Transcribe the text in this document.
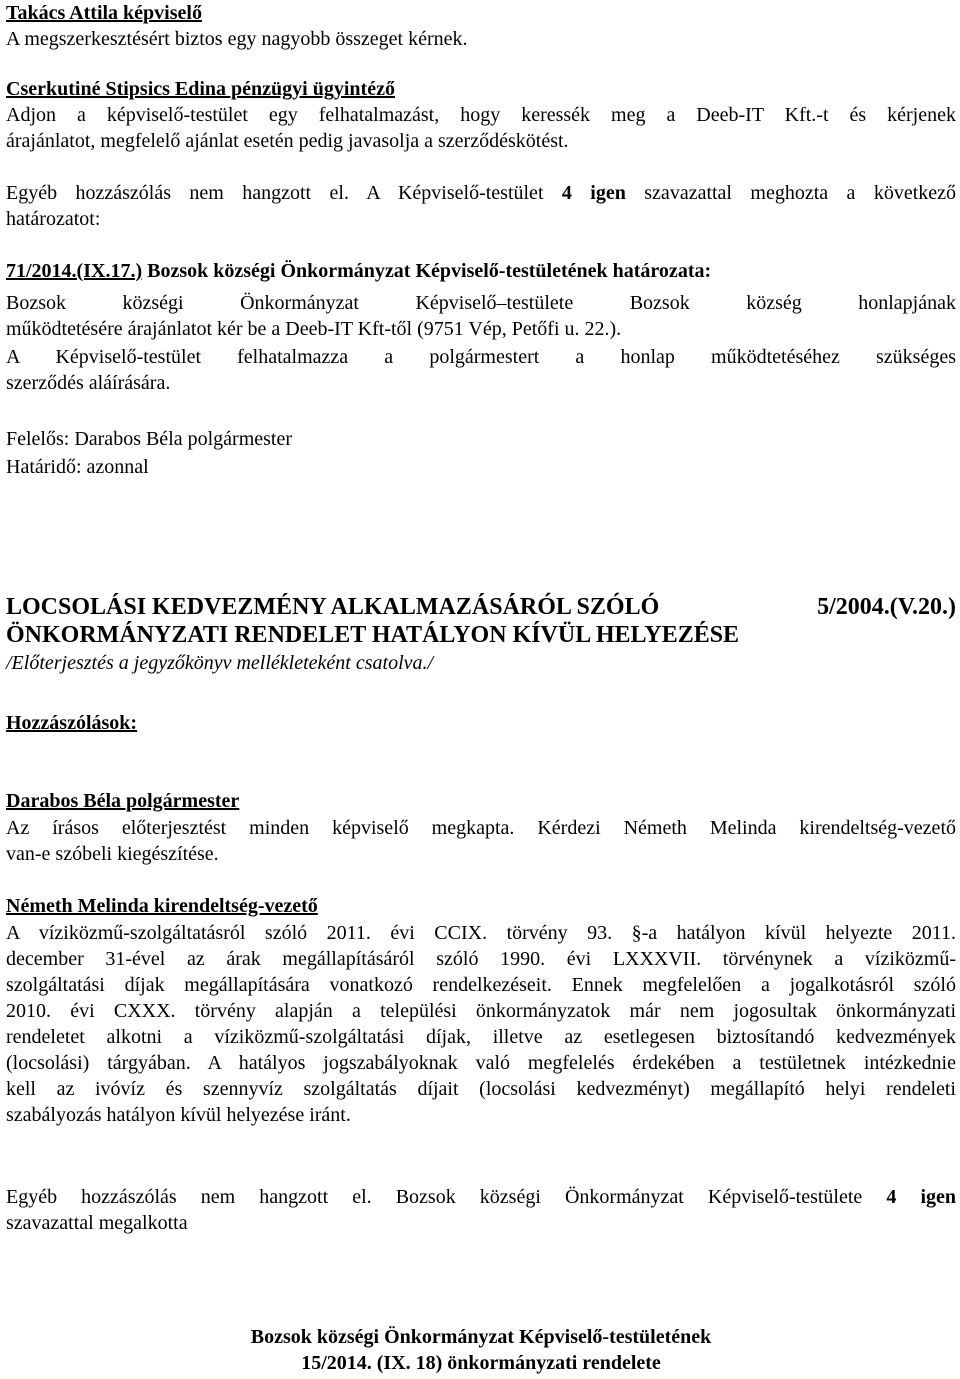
Takács Attila képviselő
A megszerkesztésért biztos egy nagyobb összeget kérnek.
Cserkutiné Stipsics Edina pénzügyi ügyintéző
Adjon a képviselő-testület egy felhatalmazást, hogy keressék meg a Deeb-IT Kft.-t és kérjenek
árajánlatot, megfelelő ajánlat esetén pedig javasolja a szerződéskötést.
Egyéb hozzászólás nem hangzott el. A Képviselő-testület 4 igen szavazattal meghozta a következő
határozatot:
71/2014.(IX.17.) Bozsok községi Önkormányzat Képviselő-testületének határozata:
Bozsok községi Önkormányzat Képviselő–testülete Bozsok község honlapjának
működtetésére árajánlatot kér be a Deeb-IT Kft-től (9751 Vép, Petőfi u. 22.).
A Képviselő-testület felhatalmazza a polgármestert a honlap működtetéséhez szükséges
szerződés aláírására.
Felelős: Darabos Béla polgármester
Határidő: azonnal
LOCSOLÁSI KEDVEZMÉNY ALKALMAZÁSÁRÓL SZÓLÓ	5/2004.(V.20.)
ÖNKORMÁNYZATI RENDELET HATÁLYON KÍVÜL HELYEZÉSE
/Előterjesztés a jegyzőkönyv mellékleteként csatolva./
Hozzászólások:
Darabos Béla polgármester
Az írásos előterjesztést minden képviselő megkapta. Kérdezi Németh Melinda kirendeltség-vezető
van-e szóbeli kiegészítése.
Németh Melinda kirendeltség-vezető
A víziközmű-szolgáltatásról szóló 2011. évi CCIX. törvény 93. §-a hatályon kívül helyezte 2011.
december 31-ével az árak megállapításáról szóló 1990. évi LXXXVII. törvénynek a víziközmű-
szolgáltatási díjak megállapítására vonatkozó rendelkezéseit. Ennek megfelelően a jogalkotásról szóló
2010. évi CXXX. törvény alapján a települési önkormányzatok már nem jogosultak önkormányzati
rendeletet alkotni a víziközmű-szolgáltatási díjak, illetve az esetlegesen biztosítandó kedvezmények
(locsolási) tárgyában. A hatályos jogszabályoknak való megfelelés érdekében a testületnek intézkednie
kell az ivóvíz és szennyvíz szolgáltatás díjait (locsolási kedvezményt) megállapító helyi rendeleti
szabályozás hatályon kívül helyezése iránt.
Egyéb hozzászólás nem hangzott el. Bozsok községi Önkormányzat Képviselő-testülete 4 igen
szavazattal megalkotta
Bozsok községi Önkormányzat Képviselő-testületének
15/2014. (IX. 18) önkormányzati rendelete
